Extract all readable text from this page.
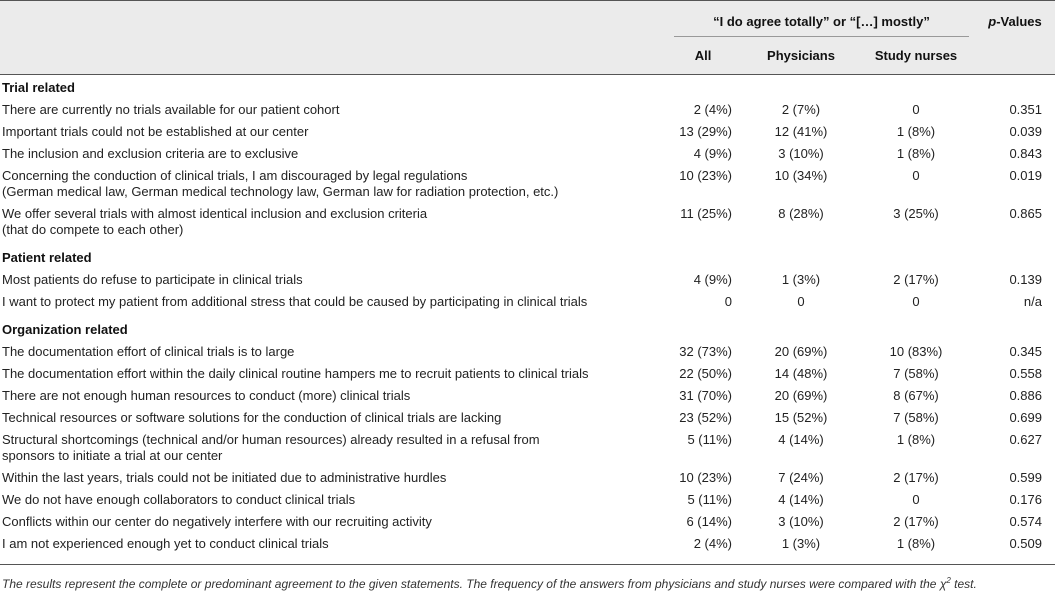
“I do agree totally” or “[…] mostly”	p-Values
All	Physicians	Study nurses
Trial related
There are currently no trials available for our patient cohort	2 (4%)	2 (7%)	0	0.351
Important trials could not be established at our center	13 (29%)	12 (41%)	1 (8%)	0.039
The inclusion and exclusion criteria are to exclusive	4 (9%)	3 (10%)	1 (8%)	0.843
Concerning the conduction of clinical trials, I am discouraged by legal regulations
(German medical law, German medical technology law, German law for radiation protection, etc.)
10 (23%)	10 (34%)	0	0.019
We offer several trials with almost identical inclusion and exclusion criteria
(that do compete to each other)
11 (25%)	8 (28%)	3 (25%)	0.865
Patient related
Most patients do refuse to participate in clinical trials	4 (9%)	1 (3%)	2 (17%)	0.139
I want to protect my patient from additional stress that could be caused by participating in clinical trials	0	0	0	n/a
Organization related
The documentation effort of clinical trials is to large	32 (73%)	20 (69%)	10 (83%)	0.345
The documentation effort within the daily clinical routine hampers me to recruit patients to clinical trials	22 (50%)	14 (48%)	7 (58%)	0.558
There are not enough human resources to conduct (more) clinical trials	31 (70%)	20 (69%)	8 (67%)	0.886
Technical resources or software solutions for the conduction of clinical trials are lacking	23 (52%)	15 (52%)	7 (58%)	0.699
Structural shortcomings (technical and/or human resources) already resulted in a refusal from
sponsors to initiate a trial at our center
5 (11%)	4 (14%)	1 (8%)	0.627
Within the last years, trials could not be initiated due to administrative hurdles	10 (23%)	7 (24%)	2 (17%)	0.599
We do not have enough collaborators to conduct clinical trials	5 (11%)	4 (14%)	0	0.176
Conflicts within our center do negatively interfere with our recruiting activity	6 (14%)	3 (10%)	2 (17%)	0.574
I am not experienced enough yet to conduct clinical trials	2 (4%)	1 (3%)	1 (8%)	0.509
The results represent the complete or predominant agreement to the given statements. The frequency of the answers from physicians and study nurses were compared with the $\chi^2$ test.
